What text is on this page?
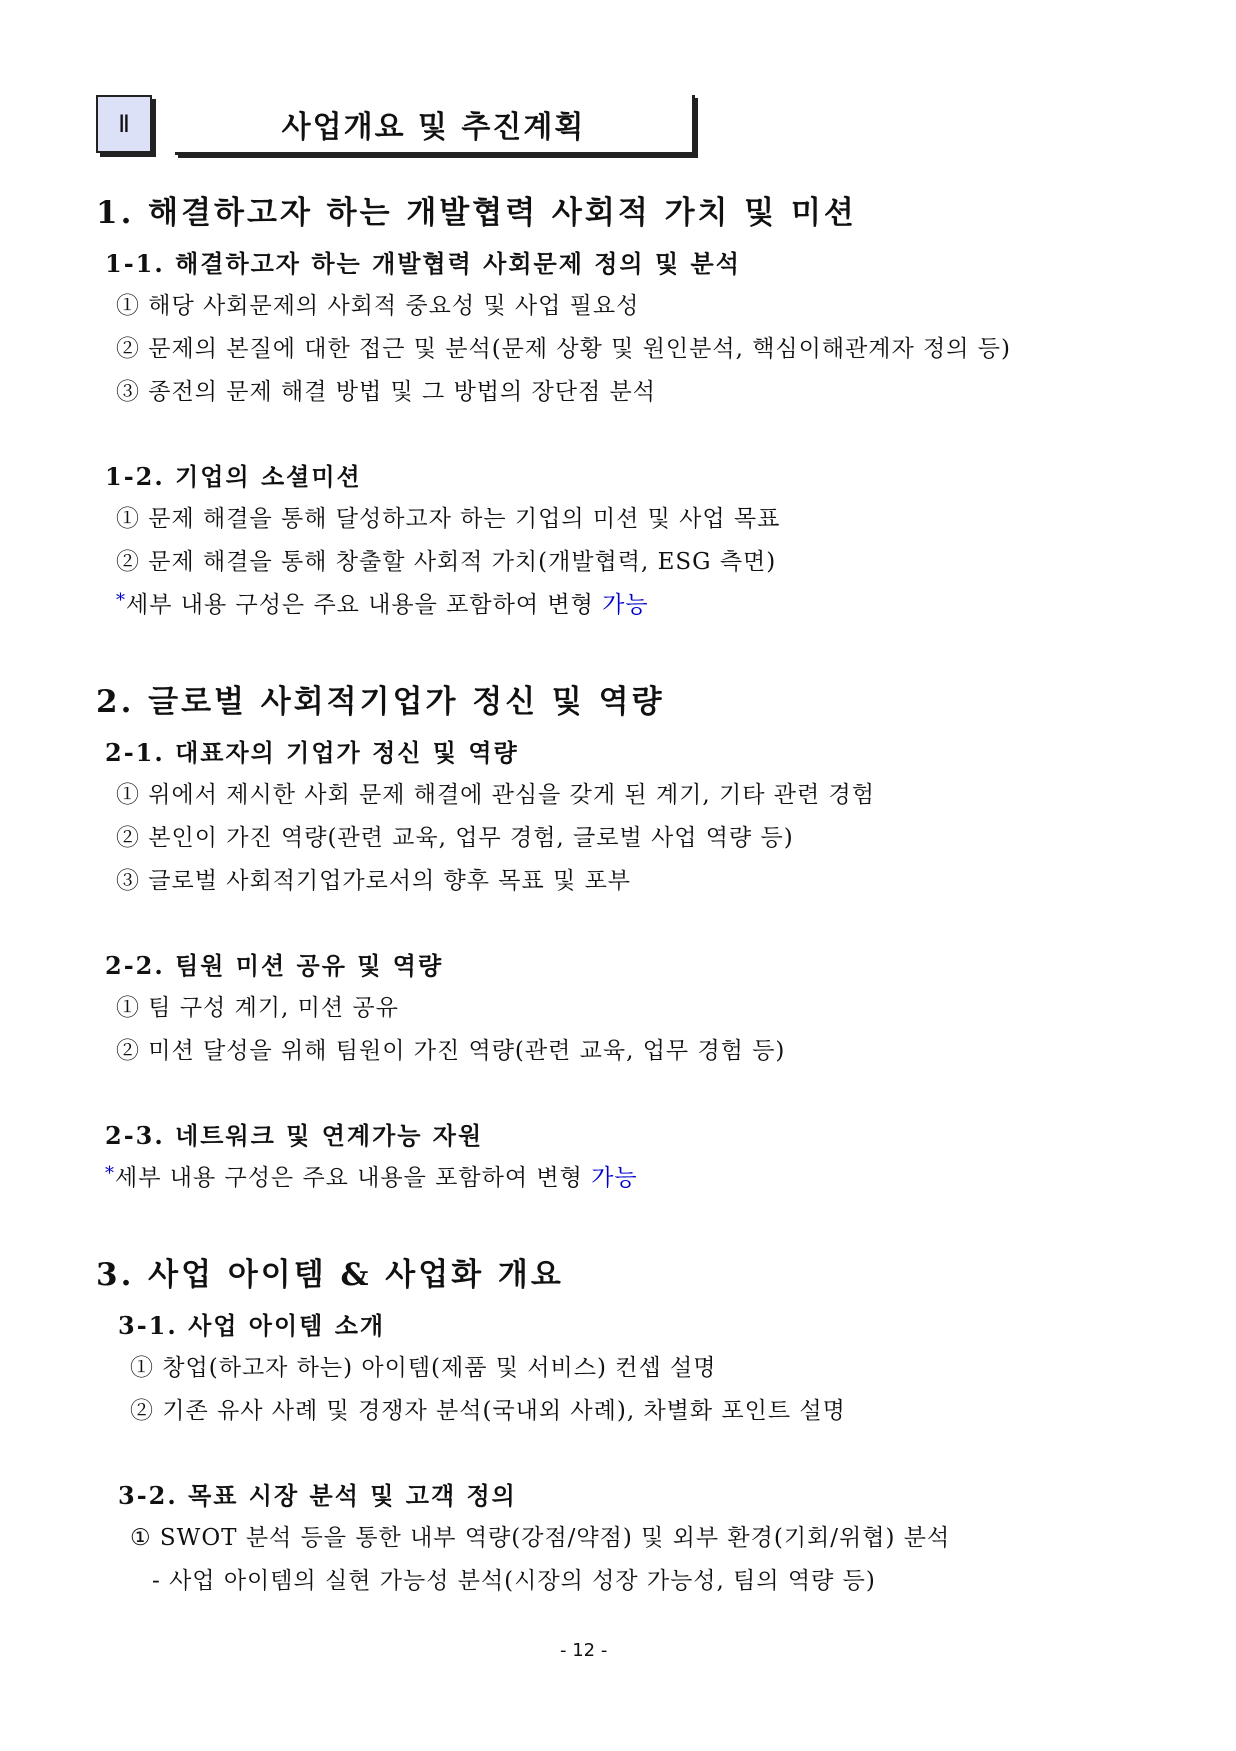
Ⅱ	사업개요 및 추진계획
1. 해결하고자 하는 개발협력 사회적 가치 및 미션
1-1. 해결하고자 하는 개발협력 사회문제 정의 및 분석
① 해당 사회문제의 사회적 중요성 및 사업 필요성
② 문제의 본질에 대한 접근 및 분석(문제 상황 및 원인분석, 핵심이해관계자 정의 등)
③ 종전의 문제 해결 방법 및 그 방법의 장단점 분석
1-2. 기업의 소셜미션
① 문제 해결을 통해 달성하고자 하는 기업의 미션 및 사업 목표
② 문제 해결을 통해 창출할 사회적 가치(개발협력, ESG 측면)
*세부 내용 구성은 주요 내용을 포함하여 변형 가능
2. 글로벌 사회적기업가 정신 및 역량
2-1. 대표자의 기업가 정신 및 역량
① 위에서 제시한 사회 문제 해결에 관심을 갖게 된 계기, 기타 관련 경험
② 본인이 가진 역량(관련 교육, 업무 경험, 글로벌 사업 역량 등)
③ 글로벌 사회적기업가로서의 향후 목표 및 포부
2-2. 팀원 미션 공유 및 역량
① 팀 구성 계기, 미션 공유
② 미션 달성을 위해 팀원이 가진 역량(관련 교육, 업무 경험 등)
2-3. 네트워크 및 연계가능 자원
*세부 내용 구성은 주요 내용을 포함하여 변형 가능
3. 사업 아이템 & 사업화 개요
3-1. 사업 아이템 소개
① 창업(하고자 하는) 아이템(제품 및 서비스) 컨셉 설명
② 기존 유사 사례 및 경쟁자 분석(국내외 사례), 차별화 포인트 설명
3-2. 목표 시장 분석 및 고객 정의
① SWOT 분석 등을 통한 내부 역량(강점/약점) 및 외부 환경(기회/위협) 분석
- 사업 아이템의 실현 가능성 분석(시장의 성장 가능성, 팀의 역량 등)
- 12 -
